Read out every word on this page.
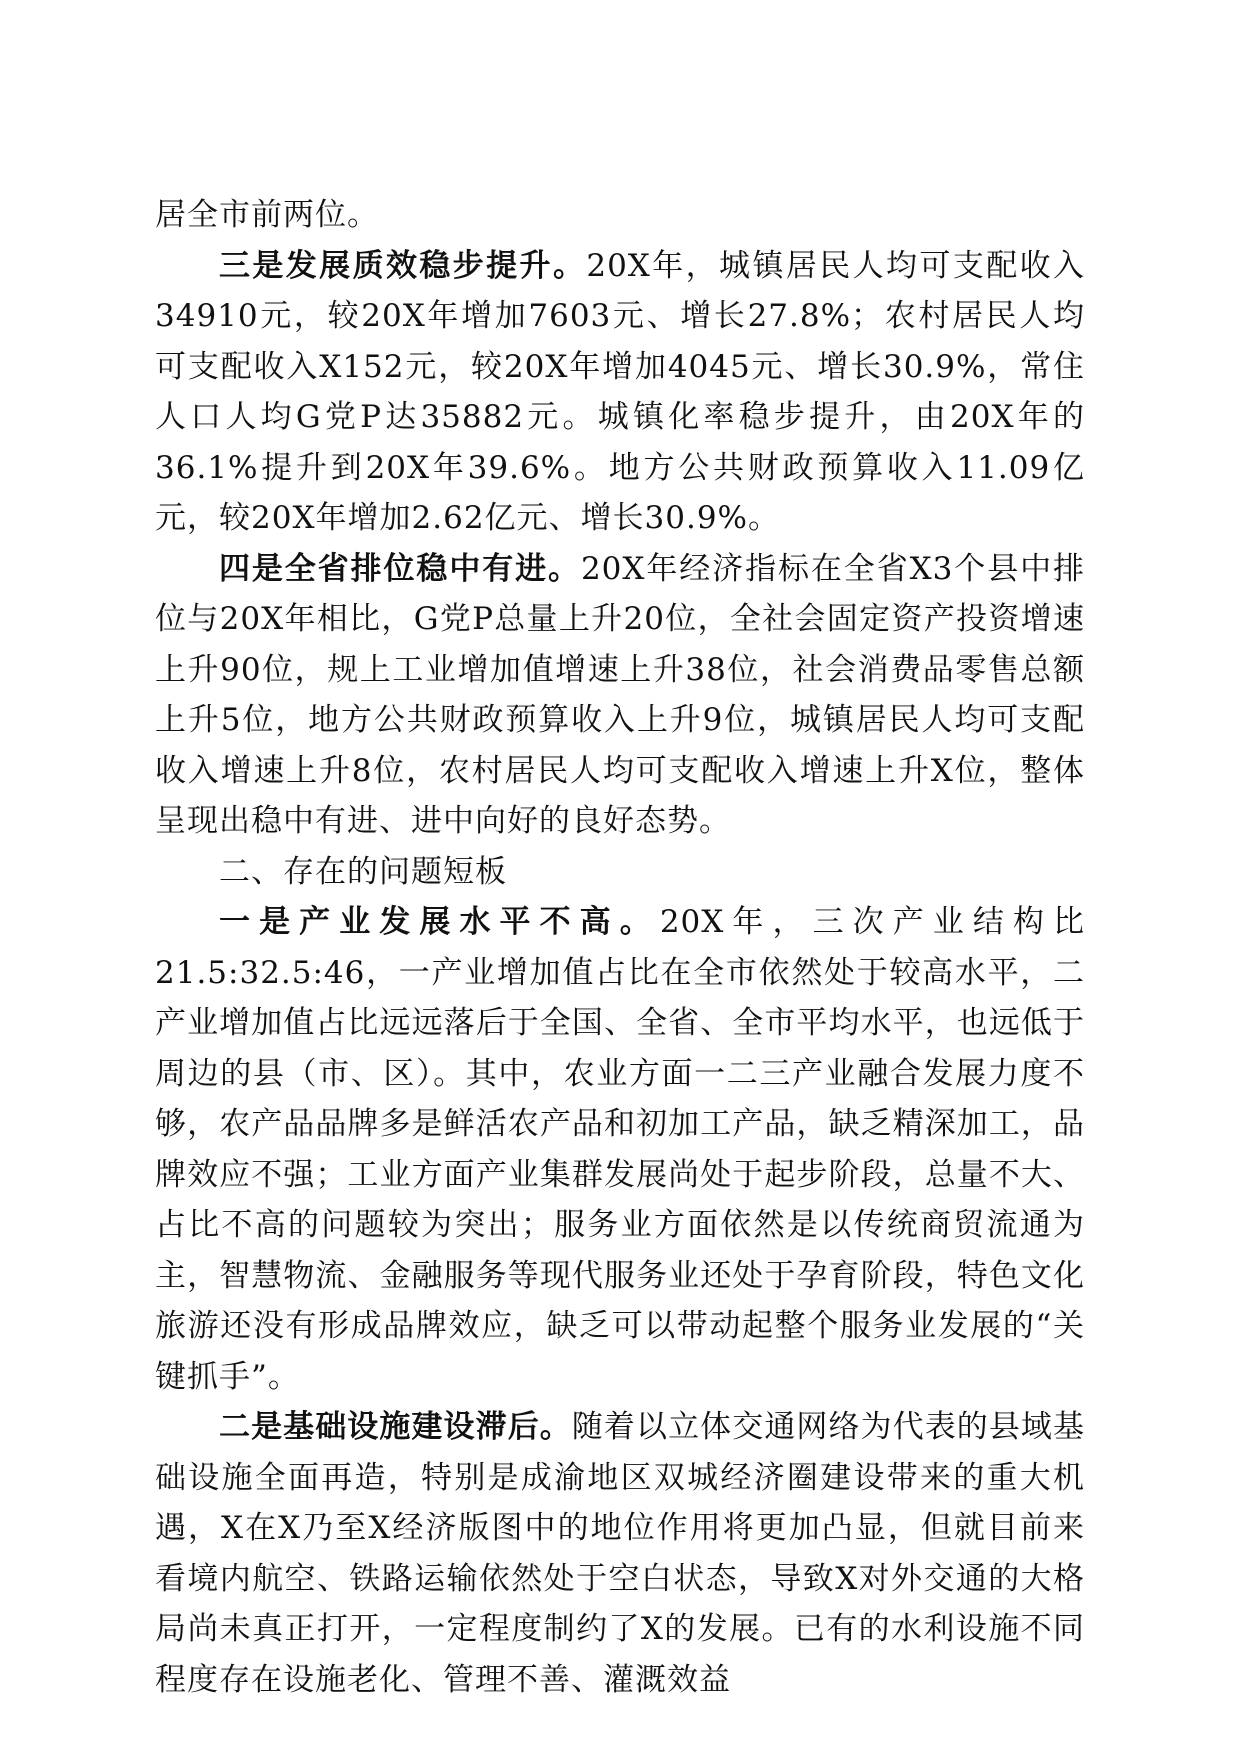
居全市前两位。

三是发展质效稳步提升。20X年，城镇居民人均可支配收入34910元，较20X年增加7603元、增长27.8%；农村居民人均可支配收入X152元，较20X年增加4045元、增长30.9%，常住人口人均G党P达35882元。城镇化率稳步提升，由20X年的36.1%提升到20X年39.6%。地方公共财政预算收入11.09亿元，较20X年增加2.62亿元、增长30.9%。

四是全省排位稳中有进。20X年经济指标在全省X3个县中排位与20X年相比，G党P总量上升20位，全社会固定资产投资增速上升90位，规上工业增加值增速上升38位，社会消费品零售总额上升5位，地方公共财政预算收入上升9位，城镇居民人均可支配收入增速上升8位，农村居民人均可支配收入增速上升X位，整体呈现出稳中有进、进中向好的良好态势。

二、存在的问题短板

一是产业发展水平不高。20X年，三次产业结构比21.5:32.5:46，一产业增加值占比在全市依然处于较高水平，二产业增加值占比远远落后于全国、全省、全市平均水平，也远低于周边的县（市、区）。其中，农业方面一二三产业融合发展力度不够，农产品品牌多是鲜活农产品和初加工产品，缺乏精深加工，品牌效应不强；工业方面产业集群发展尚处于起步阶段，总量不大、占比不高的问题较为突出；服务业方面依然是以传统商贸流通为主，智慧物流、金融服务等现代服务业还处于孕育阶段，特色文化旅游还没有形成品牌效应，缺乏可以带动起整个服务业发展的“关键抓手”。

二是基础设施建设滞后。随着以立体交通网络为代表的县域基础设施全面再造，特别是成渝地区双城经济圈建设带来的重大机遇，X在X乃至X经济版图中的地位作用将更加凸显，但就目前来看境内航空、铁路运输依然处于空白状态，导致X对外交通的大格局尚未真正打开，一定程度制约了X的发展。已有的水利设施不同程度存在设施老化、管理不善、灌溉效益
